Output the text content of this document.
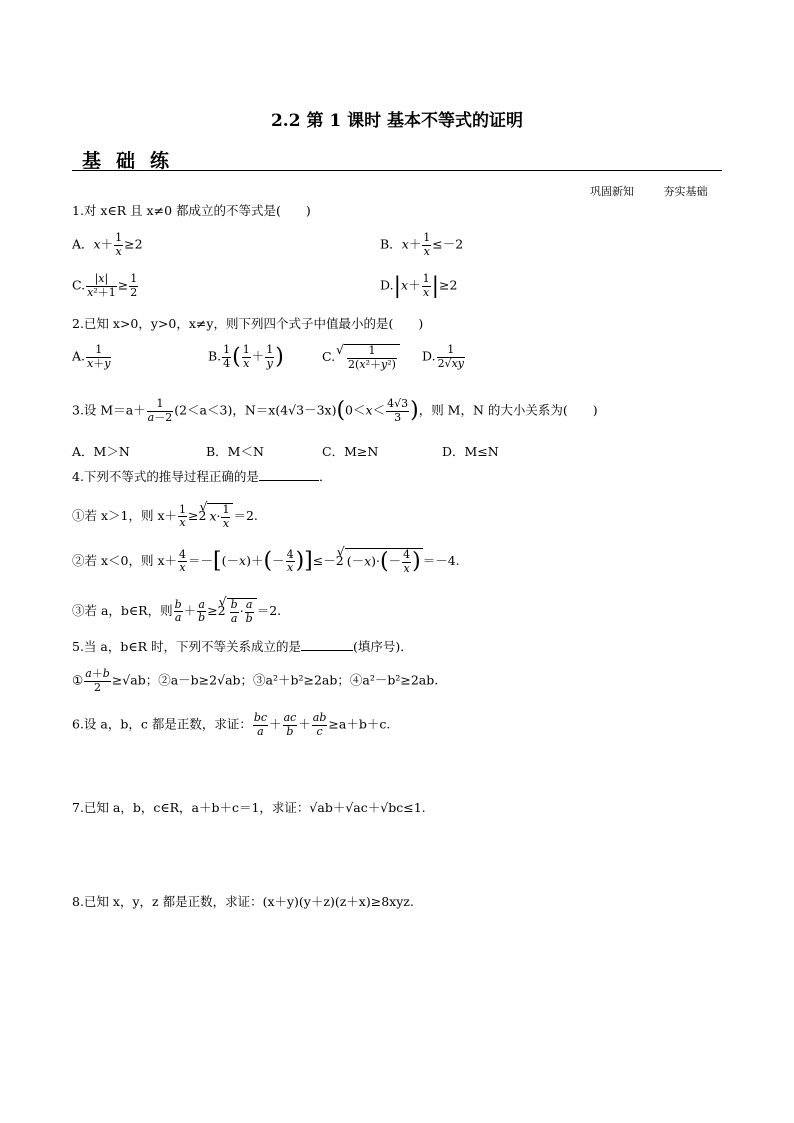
2.2 第 1 课时 基本不等式的证明
基础练
巩固新知	夯实基础
1.对 x∈R 且 x≠0 都成立的不等式是(　　)
A．$x+ \frac{1}{x} \ge 2$	B．$x+ \frac{1}{x} \le-2$
C. $\frac{|x|}{\text{x²＋1}} \ge \frac{1}{2}$	$D.|x+ \frac{1}{x} |\ge 2$
2.已知 x>0，y>0，x≠y，则下列四个式子中值最小的是(　　)
A. $\frac{1}{x+y}$	B. $\frac{1}{4}$ ( $\frac{1}{x} + \frac{1}{y}$ )	C.
√ $\frac{1}{\text{2(x²＋y²)}} D$. $\frac{1}{2√xy}$
3.设 $M=a+ \frac{1}{a-2} (2<a<3)$，$N=x(4√3-3x)(0<x< \frac{4√3}{3}$ )，则 M，N 的大小关系为(　　)
A．M＞N	B．M＜N	C．M≥N	D．M≤N
4.下列不等式的推导过程正确的是	．
①若 x＞1，则 $x+ \frac{1}{x} \ge 2√$ $x\cdot \frac{1}{x} =2$.
②若 x＜0，则 $x+ \frac{4}{x} =-[(-x)+(- \frac{4}{x} )]\le-2√$ $(-x)\cdot(- \frac{4}{x}$ ) ＝－4.
③若 a，b∈R，则 $\frac{b}{a} + \frac{a}{b} \ge 2$
√ $\frac{b}{a} \cdot \frac{a}{b} =2$.
5.当 a，b∈R 时，下列不等关系成立的是	(填序号)．
① $\frac{a+b}{2} \ge√ab$；②a－b≥2√ab；③a²＋b²≥2ab；④a²－b²≥2ab.
6.设 a，b，c 都是正数，求证： $\frac{bc}{a} + \frac{ac}{b} + \frac{ab}{c} \ge a+b+c$.
7.已知 a，b，c∈R，a＋b＋c＝1，求证：√ab＋√ac＋√bc≤1.
8.已知 x，y，z 都是正数，求证：(x＋y)(y＋z)(z＋x)≥8xyz.
